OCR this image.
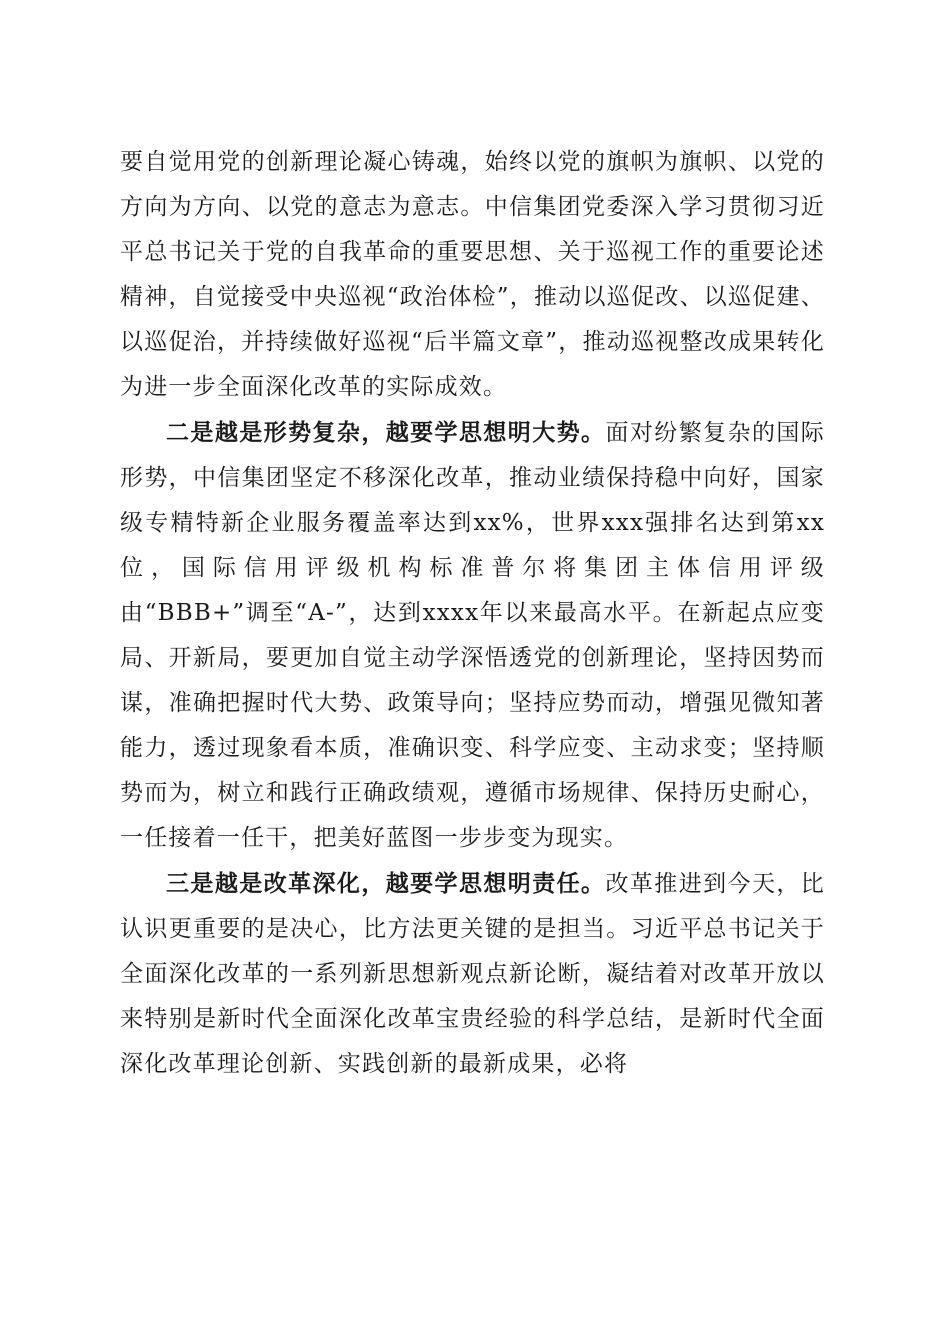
要自觉用党的创新理论凝心铸魂，始终以党的旗帜为旗帜、以党的方向为方向、以党的意志为意志。中信集团党委深入学习贯彻习近平总书记关于党的自我革命的重要思想、关于巡视工作的重要论述精神，自觉接受中央巡视“政治体检”，推动以巡促改、以巡促建、以巡促治，并持续做好巡视“后半篇文章”，推动巡视整改成果转化为进一步全面深化改革的实际成效。

二是越是形势复杂，越要学思想明大势。面对纷繁复杂的国际形势，中信集团坚定不移深化改革，推动业绩保持稳中向好，国家级专精特新企业服务覆盖率达到xx%，世界xxx强排名达到第xx位，国际信用评级机构标准普尔将集团主体信用评级由“BBB+”调至“A-”，达到xxxx年以来最高水平。在新起点应变局、开新局，要更加自觉主动学深悟透党的创新理论，坚持因势而谋，准确把握时代大势、政策导向；坚持应势而动，增强见微知著能力，透过现象看本质，准确识变、科学应变、主动求变；坚持顺势而为，树立和践行正确政绩观，遵循市场规律、保持历史耐心，一任接着一任干，把美好蓝图一步步变为现实。

三是越是改革深化，越要学思想明责任。改革推进到今天，比认识更重要的是决心，比方法更关键的是担当。习近平总书记关于全面深化改革的一系列新思想新观点新论断，凝结着对改革开放以来特别是新时代全面深化改革宝贵经验的科学总结，是新时代全面深化改革理论创新、实践创新的最新成果，必将
